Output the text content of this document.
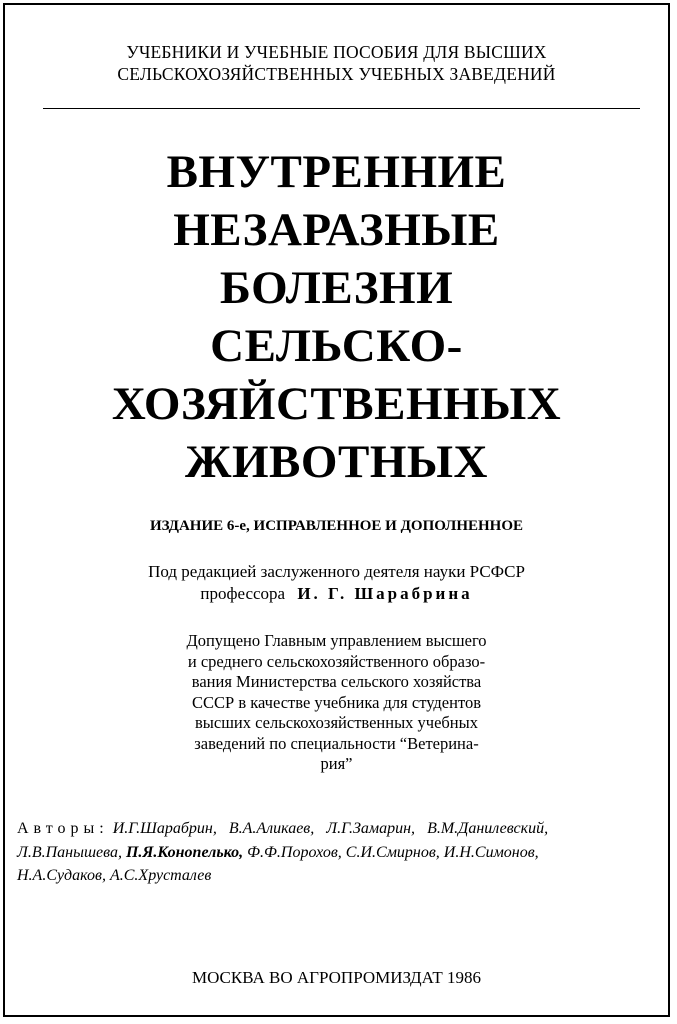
УЧЕБНИКИ И УЧЕБНЫЕ ПОСОБИЯ ДЛЯ ВЫСШИХ
СЕЛЬСКОХОЗЯЙСТВЕННЫХ УЧЕБНЫХ ЗАВЕДЕНИЙ
ВНУТРЕННИЕ
НЕЗАРАЗНЫЕ
БОЛЕЗНИ
СЕЛЬСКО-
ХОЗЯЙСТВЕННЫХ
ЖИВОТНЫХ
ИЗДАНИЕ 6-е, ИСПРАВЛЕННОЕ И ДОПОЛНЕННОЕ
Под редакцией заслуженного деятеля науки РСФСР
профессора И. Г. Шарабрина
Допущено Главным управлением высшего
и среднего сельскохозяйственного образо-
вания Министерства сельского хозяйства
СССР в качестве учебника для студентов
высших сельскохозяйственных учебных
заведений по специальности “Ветерина-
рия”
Авторы: И.Г.Шарабрин, В.А.Аликаев, Л.Г.Замарин, В.М.Данилевский,
Л.В.Панышева, П.Я.Конопелько, Ф.Ф.Порохов, С.И.Смирнов, И.Н.Симонов,
Н.А.Судаков, А.С.Хрусталев
МОСКВА ВО АГРОПРОМИЗДАТ 1986
